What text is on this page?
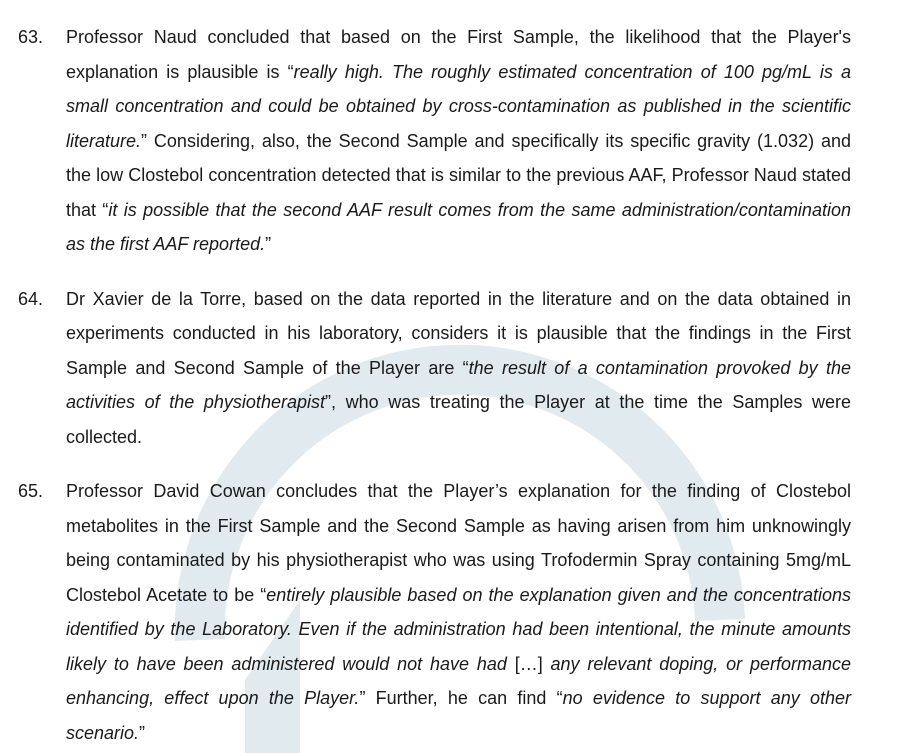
63. Professor Naud concluded that based on the First Sample, the likelihood that the Player's explanation is plausible is “really high. The roughly estimated concentration of 100 pg/mL is a small concentration and could be obtained by cross-contamination as published in the scientific literature.” Considering, also, the Second Sample and specifically its specific gravity (1.032) and the low Clostebol concentration detected that is similar to the previous AAF, Professor Naud stated that “it is possible that the second AAF result comes from the same administration/contamination as the first AAF reported.”
64. Dr Xavier de la Torre, based on the data reported in the literature and on the data obtained in experiments conducted in his laboratory, considers it is plausible that the findings in the First Sample and Second Sample of the Player are “the result of a contamination provoked by the activities of the physiotherapist”, who was treating the Player at the time the Samples were collected.
65. Professor David Cowan concludes that the Player’s explanation for the finding of Clostebol metabolites in the First Sample and the Second Sample as having arisen from him unknowingly being contaminated by his physiotherapist who was using Trofodermin Spray containing 5mg/mL Clostebol Acetate to be “entirely plausible based on the explanation given and the concentrations identified by the Laboratory. Even if the administration had been intentional, the minute amounts likely to have been administered would not have had […] any relevant doping, or performance enhancing, effect upon the Player.” Further, he can find “no evidence to support any other scenario.”
